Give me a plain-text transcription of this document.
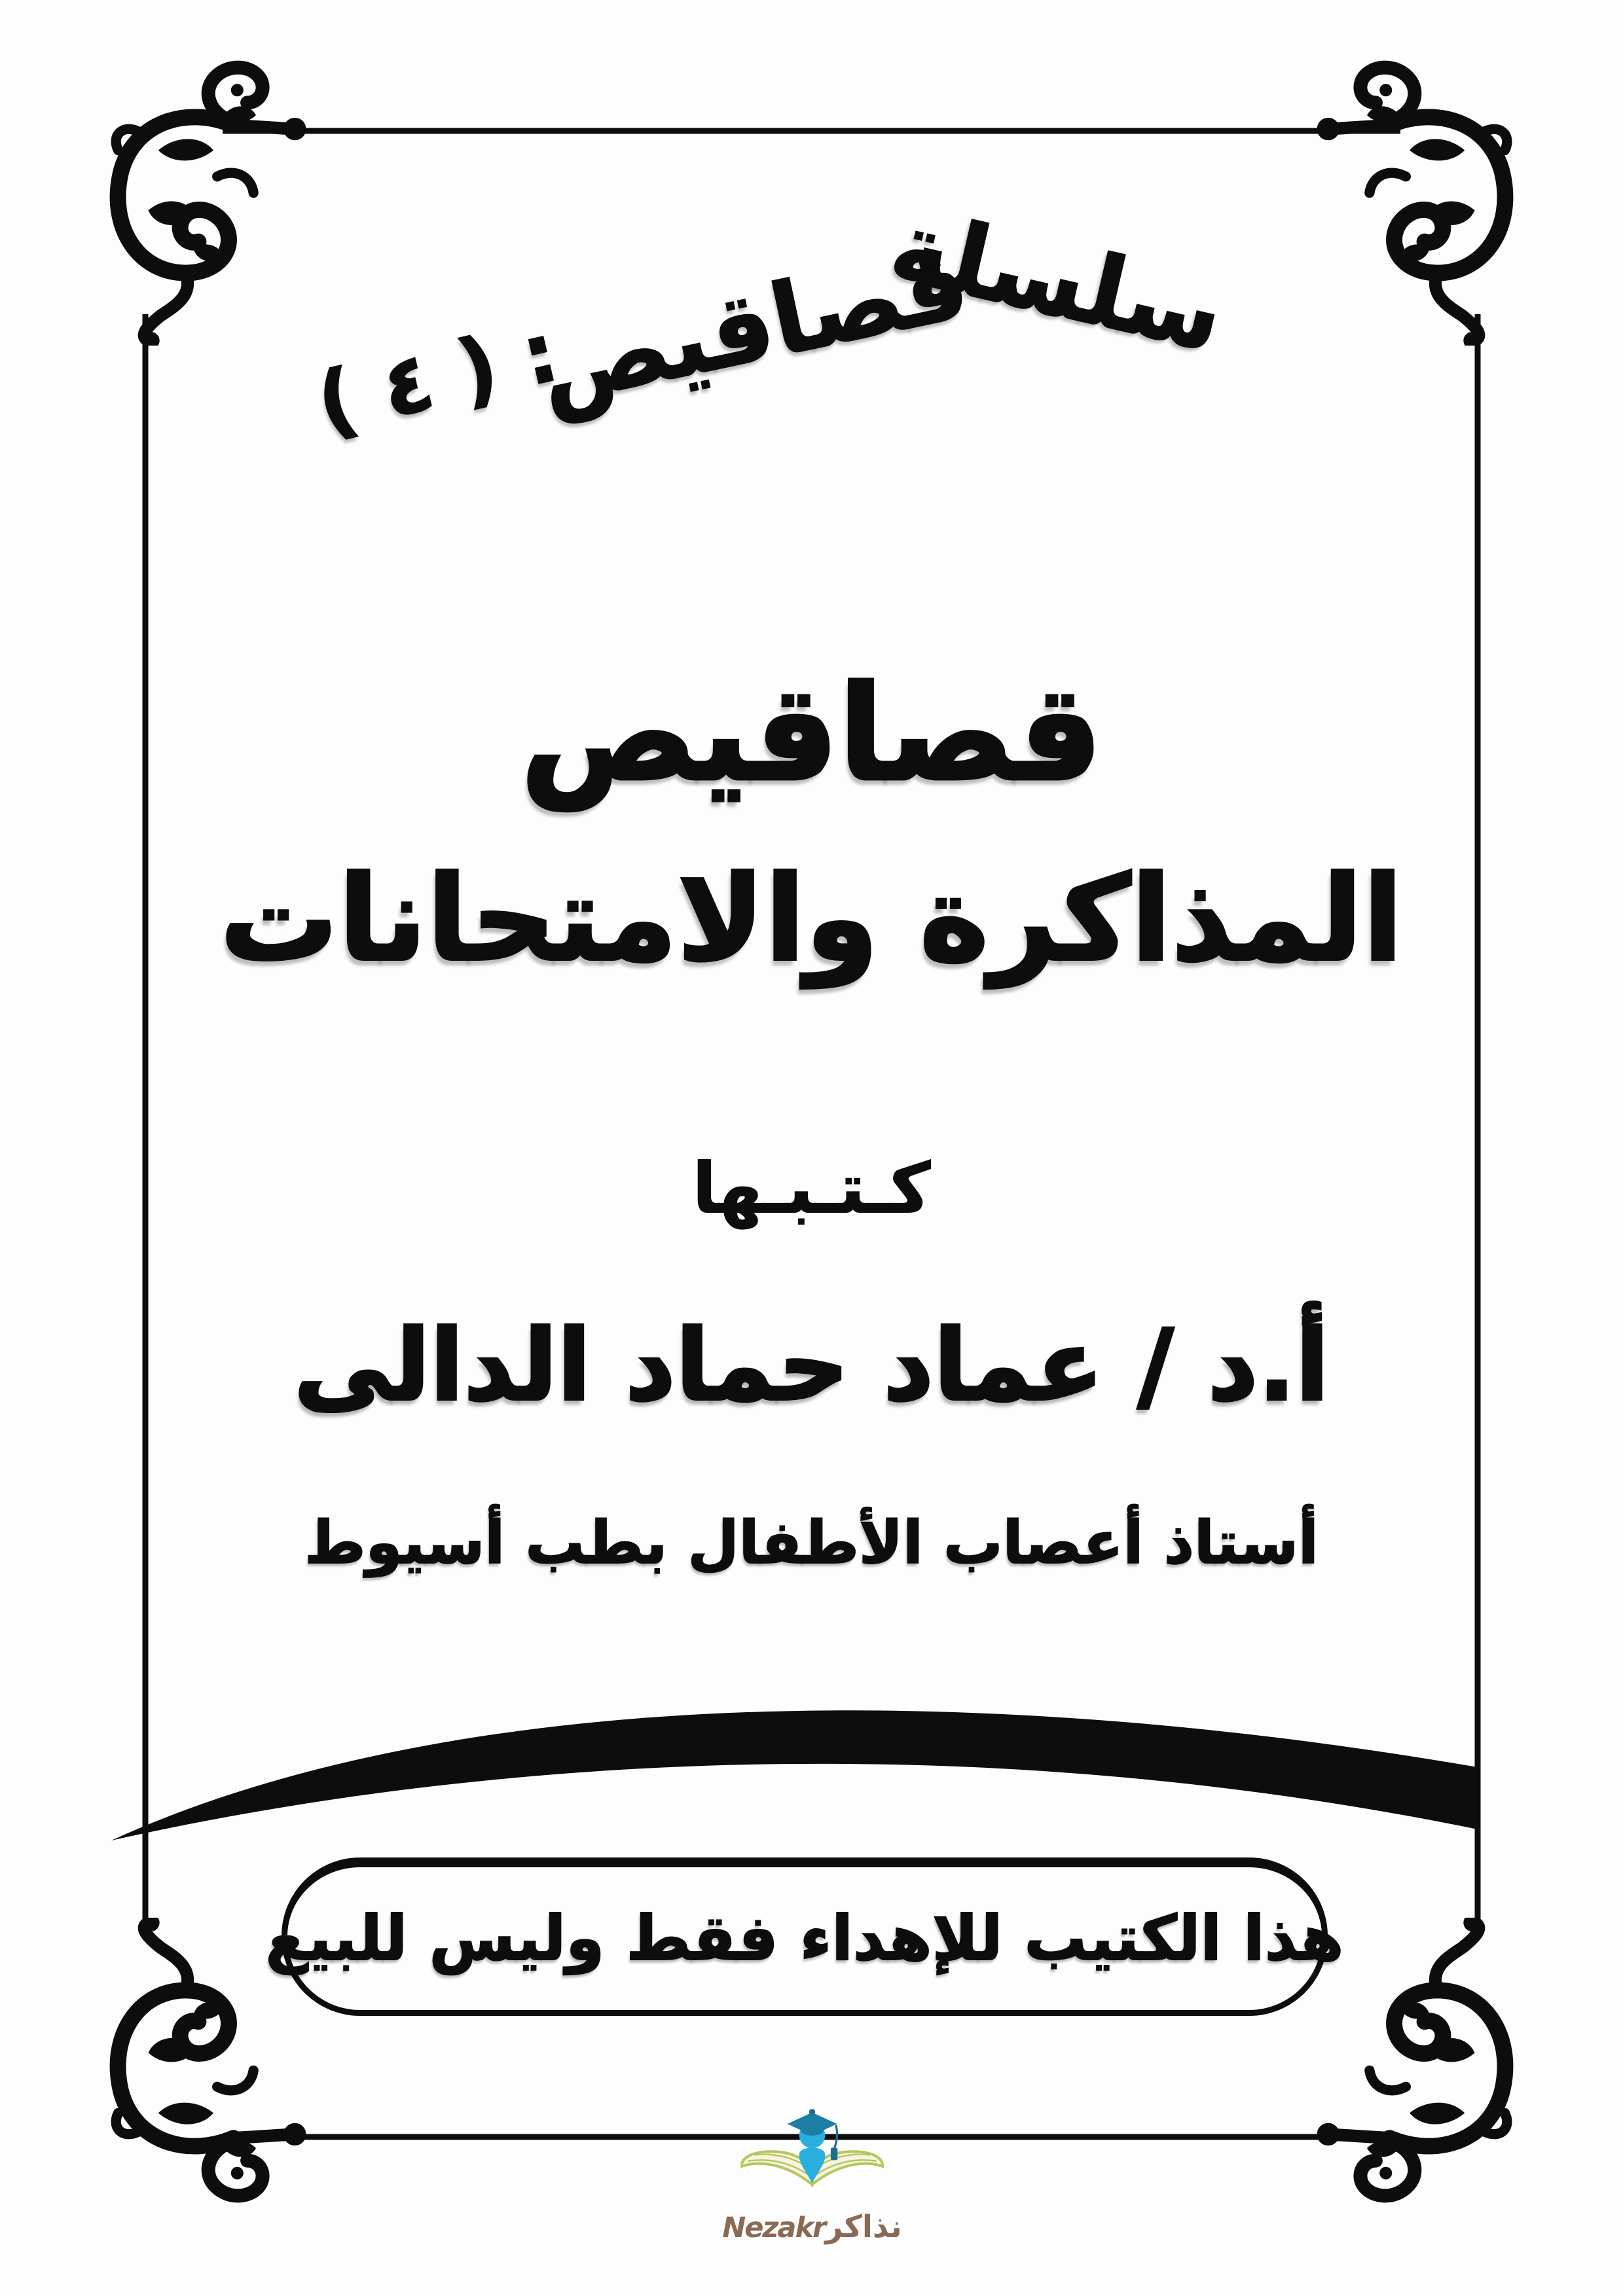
سلسلة
قصاقيص
: ( ٤ )
قصاقيص
المذاكرة والامتحانات
كـتـبـها
أ.د / عماد حماد الدالى
أستاذ أعصاب الأطفال بطب أسيوط
هذا الكتيب للإهداء فقط وليس للبيع
نذاكرNezakr
